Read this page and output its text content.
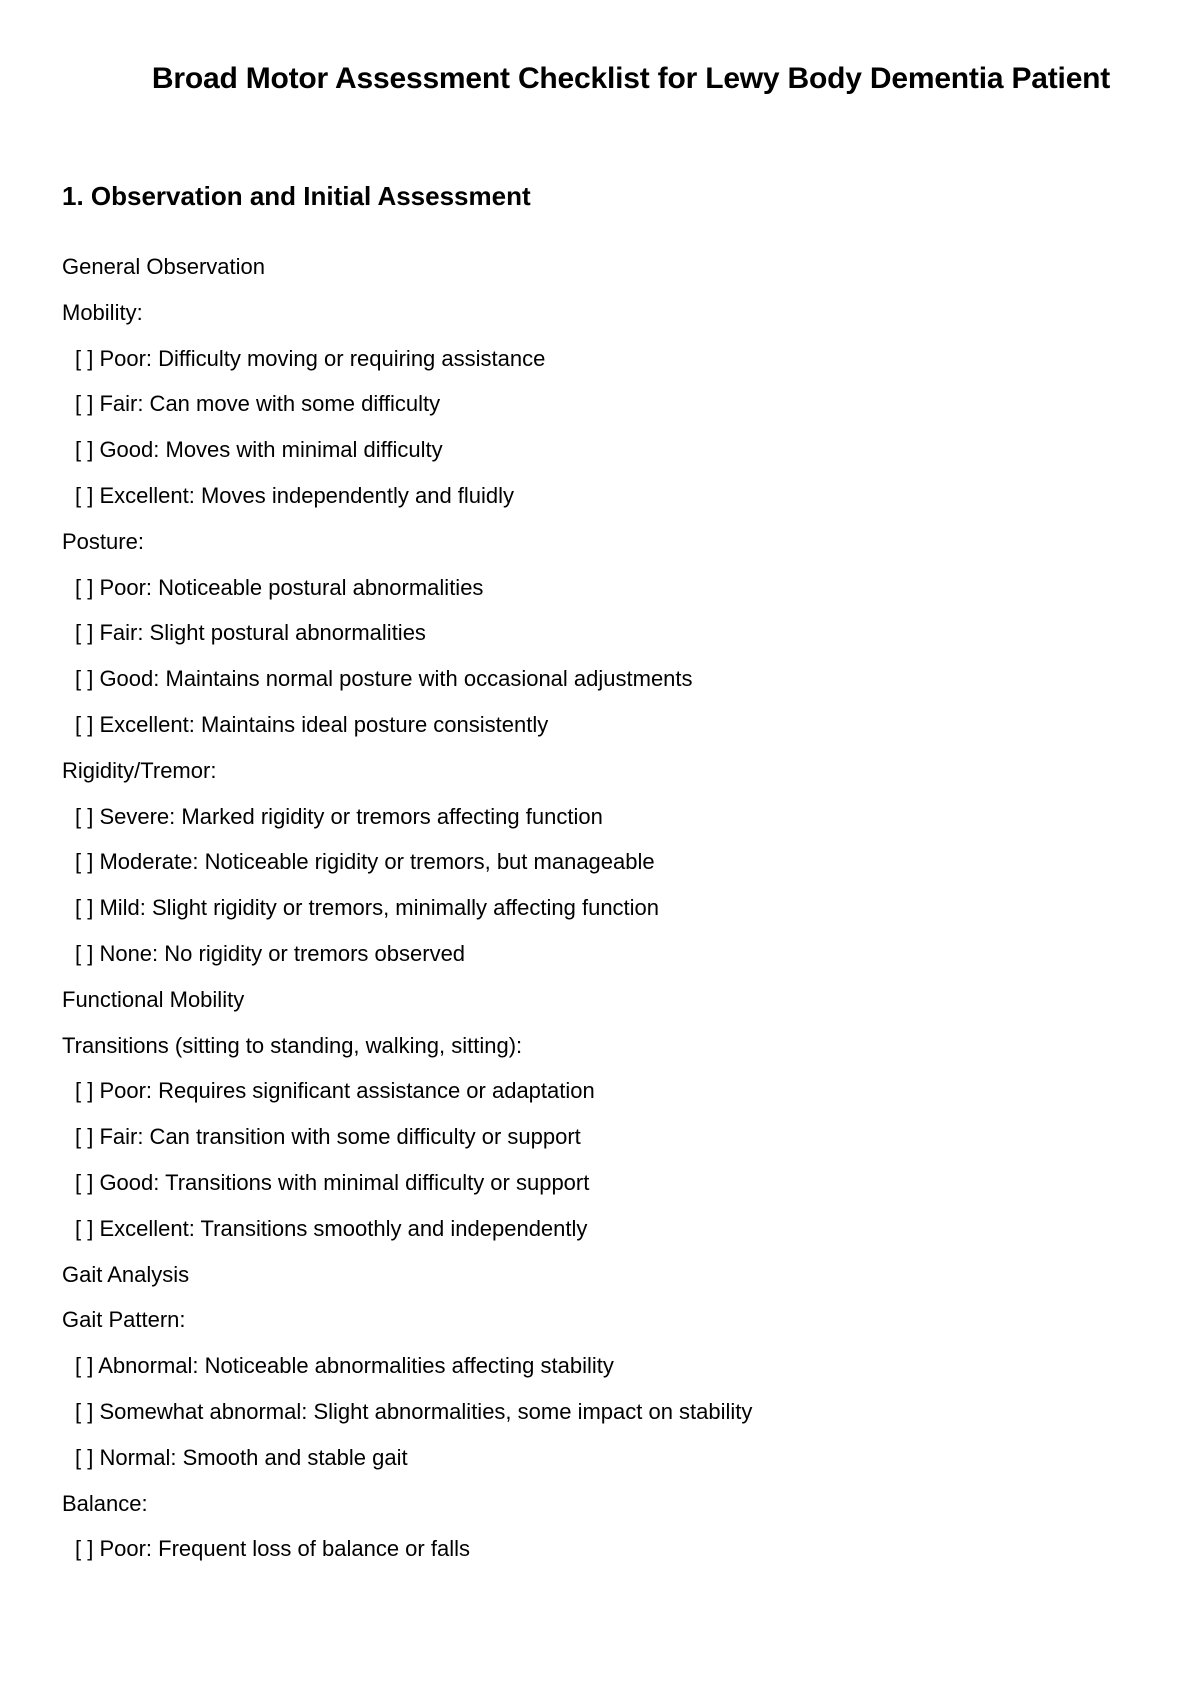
Broad Motor Assessment Checklist for Lewy Body Dementia Patient
1. Observation and Initial Assessment
General Observation
Mobility:
[ ] Poor: Difficulty moving or requiring assistance
[ ] Fair: Can move with some difficulty
[ ] Good: Moves with minimal difficulty
[ ] Excellent: Moves independently and fluidly
Posture:
[ ] Poor: Noticeable postural abnormalities
[ ] Fair: Slight postural abnormalities
[ ] Good: Maintains normal posture with occasional adjustments
[ ] Excellent: Maintains ideal posture consistently
Rigidity/Tremor:
[ ] Severe: Marked rigidity or tremors affecting function
[ ] Moderate: Noticeable rigidity or tremors, but manageable
[ ] Mild: Slight rigidity or tremors, minimally affecting function
[ ] None: No rigidity or tremors observed
Functional Mobility
Transitions (sitting to standing, walking, sitting):
[ ] Poor: Requires significant assistance or adaptation
[ ] Fair: Can transition with some difficulty or support
[ ] Good: Transitions with minimal difficulty or support
[ ] Excellent: Transitions smoothly and independently
Gait Analysis
Gait Pattern:
[ ] Abnormal: Noticeable abnormalities affecting stability
[ ] Somewhat abnormal: Slight abnormalities, some impact on stability
[ ] Normal: Smooth and stable gait
Balance:
[ ] Poor: Frequent loss of balance or falls
